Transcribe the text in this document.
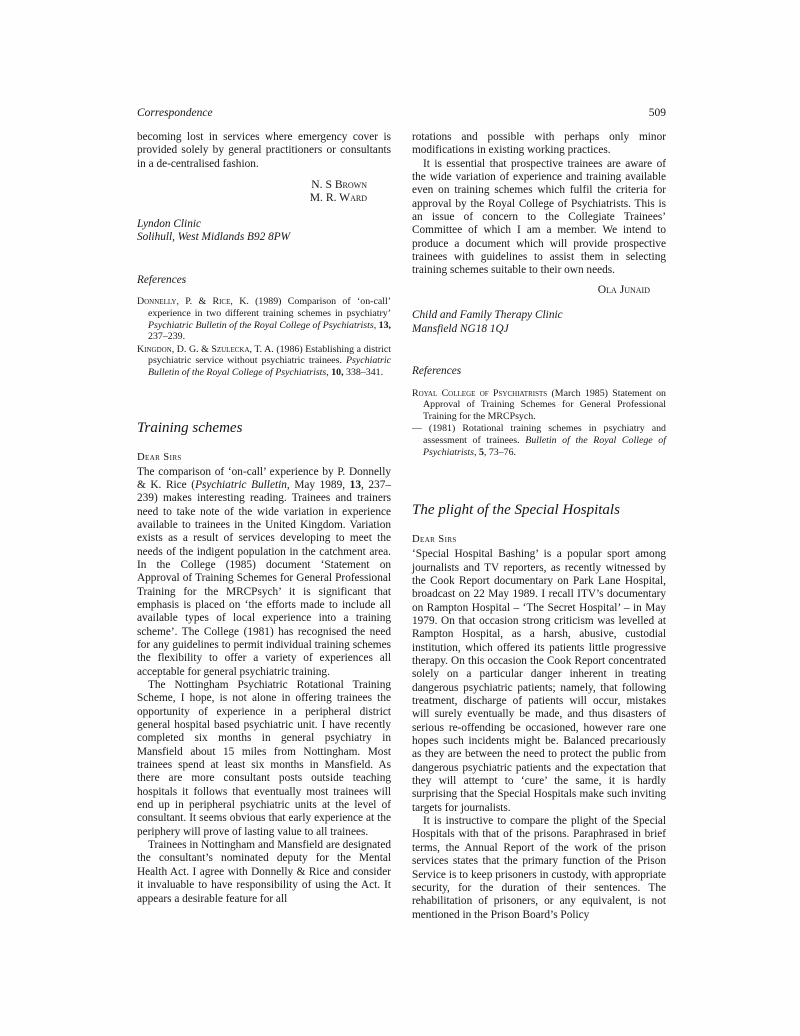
Correspondence	509

becoming lost in services where emergency cover is provided solely by general practitioners or consultants in a de-centralised fashion.

N. S Brown
M. R. Ward
Lyndon Clinic
Solihull, West Midlands B92 8PW
References

Donnelly, P. & Rice, K. (1989) Comparison of ‘on-call’ experience in two different training schemes in psychiatry’ Psychiatric Bulletin of the Royal College of Psychiatrists, 13, 237–239.

Kingdon, D. G. & Szulecka, T. A. (1986) Establishing a district psychiatric service without psychiatric trainees. Psychiatric Bulletin of the Royal College of Psychiatrists, 10, 338–341.

Training schemes
Dear Sirs

The comparison of ‘on-call’ experience by P. Donnelly & K. Rice (Psychiatric Bulletin, May 1989, 13, 237–239) makes interesting reading. Trainees and trainers need to take note of the wide variation in experience available to trainees in the United Kingdom. Variation exists as a result of services developing to meet the needs of the indigent population in the catchment area. In the College (1985) document ‘Statement on Approval of Training Schemes for General Professional Training for the MRCPsych’ it is significant that emphasis is placed on ‘the efforts made to include all available types of local experience into a training scheme’. The College (1981) has recognised the need for any guidelines to permit individual training schemes the flexibility to offer a variety of experiences all acceptable for general psychiatric training.

The Nottingham Psychiatric Rotational Training Scheme, I hope, is not alone in offering trainees the opportunity of experience in a peripheral district general hospital based psychiatric unit. I have recently completed six months in general psychiatry in Mansfield about 15 miles from Nottingham. Most trainees spend at least six months in Mansfield. As there are more consultant posts outside teaching hospitals it follows that eventually most trainees will end up in peripheral psychiatric units at the level of consultant. It seems obvious that early experience at the periphery will prove of lasting value to all trainees.

Trainees in Nottingham and Mansfield are designated the consultant’s nominated deputy for the Mental Health Act. I agree with Donnelly & Rice and consider it invaluable to have responsibility of using the Act. It appears a desirable feature for all

rotations and possible with perhaps only minor modifications in existing working practices.

It is essential that prospective trainees are aware of the wide variation of experience and training available even on training schemes which fulfil the criteria for approval by the Royal College of Psychiatrists. This is an issue of concern to the Collegiate Trainees’ Committee of which I am a member. We intend to produce a document which will provide prospective trainees with guidelines to assist them in selecting training schemes suitable to their own needs.

Ola Junaid
Child and Family Therapy Clinic
Mansfield NG18 1QJ
References

Royal College of Psychiatrists (March 1985) Statement on Approval of Training Schemes for General Professional Training for the MRCPsych.

— (1981) Rotational training schemes in psychiatry and assessment of trainees. Bulletin of the Royal College of Psychiatrists, 5, 73–76.

The plight of the Special Hospitals
Dear Sirs

‘Special Hospital Bashing’ is a popular sport among journalists and TV reporters, as recently witnessed by the Cook Report documentary on Park Lane Hospital, broadcast on 22 May 1989. I recall ITV’s documentary on Rampton Hospital – ‘The Secret Hospital’ – in May 1979. On that occasion strong criticism was levelled at Rampton Hospital, as a harsh, abusive, custodial institution, which offered its patients little progressive therapy. On this occasion the Cook Report concentrated solely on a particular danger inherent in treating dangerous psychiatric patients; namely, that following treatment, discharge of patients will occur, mistakes will surely eventually be made, and thus disasters of serious re-offending be occasioned, however rare one hopes such incidents might be. Balanced precariously as they are between the need to protect the public from dangerous psychiatric patients and the expectation that they will attempt to ‘cure’ the same, it is hardly surprising that the Special Hospitals make such inviting targets for journalists.

It is instructive to compare the plight of the Special Hospitals with that of the prisons. Paraphrased in brief terms, the Annual Report of the work of the prison services states that the primary function of the Prison Service is to keep prisoners in custody, with appropriate security, for the duration of their sentences. The rehabilitation of prisoners, or any equivalent, is not mentioned in the Prison Board’s Policy
